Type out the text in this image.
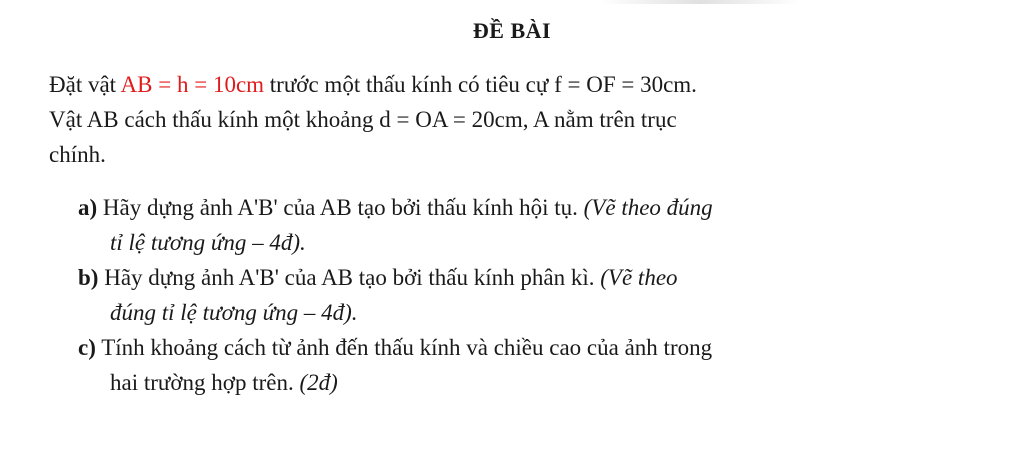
ĐỀ BÀI
Đặt vật AB = h = 10cm trước một thấu kính có tiêu cự f = OF = 30cm.
Vật AB cách thấu kính một khoảng d = OA = 20cm, A nằm trên trục
chính.
a) Hãy dựng ảnh A'B' của AB tạo bởi thấu kính hội tụ. (Vẽ theo đúng
tỉ lệ tương ứng – 4đ).
b) Hãy dựng ảnh A'B' của AB tạo bởi thấu kính phân kì. (Vẽ theo
đúng tỉ lệ tương ứng – 4đ).
c) Tính khoảng cách từ ảnh đến thấu kính và chiều cao của ảnh trong
hai trường hợp trên. (2đ)
